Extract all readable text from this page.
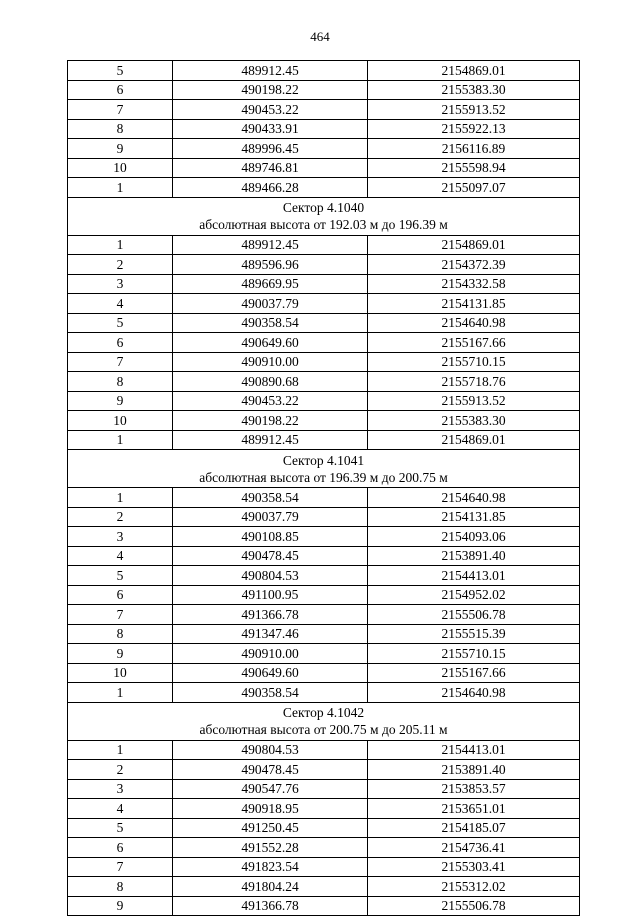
464
5	489912.45	2154869.01
6	490198.22	2155383.30
7	490453.22	2155913.52
8	490433.91	2155922.13
9	489996.45	2156116.89
10	489746.81	2155598.94
1	489466.28	2155097.07

Сектор 4.1040
абсолютная высота от 192.03 м до 196.39 м		

1	489912.45	2154869.01
2	489596.96	2154372.39
3	489669.95	2154332.58
4	490037.79	2154131.85
5	490358.54	2154640.98
6	490649.60	2155167.66
7	490910.00	2155710.15
8	490890.68	2155718.76
9	490453.22	2155913.52
10	490198.22	2155383.30
1	489912.45	2154869.01

Сектор 4.1041
абсолютная высота от 196.39 м до 200.75 м		

1	490358.54	2154640.98
2	490037.79	2154131.85
3	490108.85	2154093.06
4	490478.45	2153891.40
5	490804.53	2154413.01
6	491100.95	2154952.02
7	491366.78	2155506.78
8	491347.46	2155515.39
9	490910.00	2155710.15
10	490649.60	2155167.66
1	490358.54	2154640.98

Сектор 4.1042
абсолютная высота от 200.75 м до 205.11 м		

1	490804.53	2154413.01
2	490478.45	2153891.40
3	490547.76	2153853.57
4	490918.95	2153651.01
5	491250.45	2154185.07
6	491552.28	2154736.41
7	491823.54	2155303.41
8	491804.24	2155312.02
9	491366.78	2155506.78
